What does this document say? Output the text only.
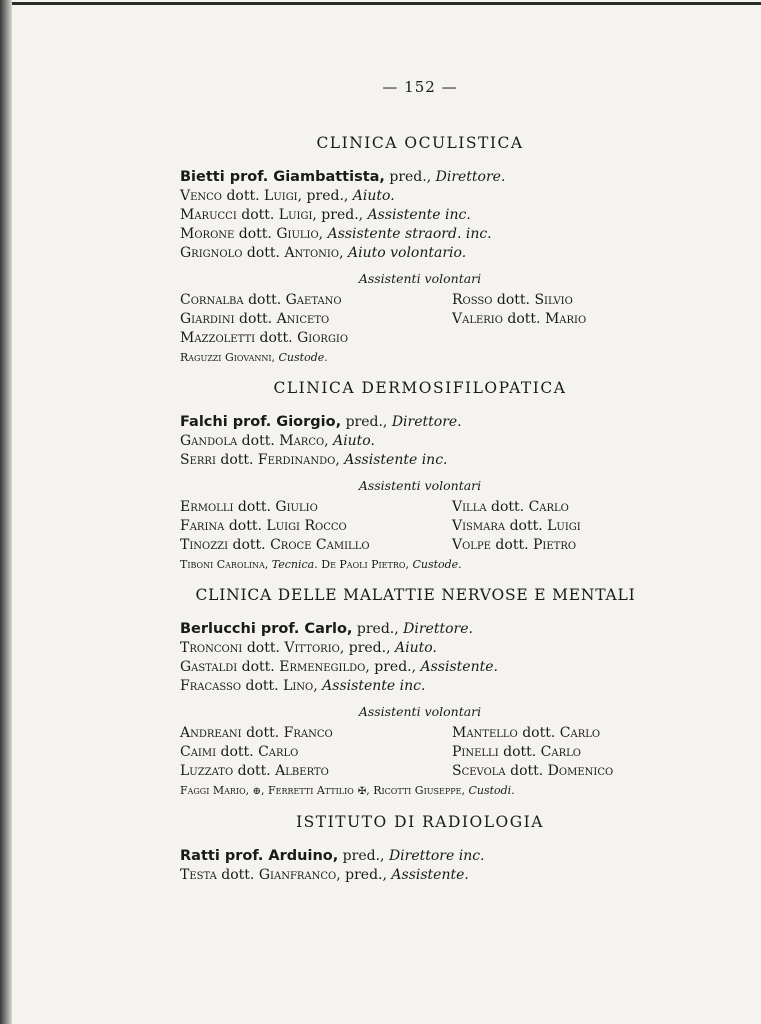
— 152 —
CLINICA OCULISTICA
Bietti prof. Giambattista, pred., Direttore.
Venco dott. Luigi, pred., Aiuto.
Marucci dott. Luigi, pred., Assistente inc.
Morone dott. Giulio, Assistente straord. inc.
Grignolo dott. Antonio, Aiuto volontario.
Assistenti volontari
Cornalba dott. Gaetano
Giardini dott. Aniceto
Mazzoletti dott. Giorgio
Rosso dott. Silvio
Valerio dott. Mario
Raguzzi Giovanni, Custode.
CLINICA DERMOSIFILOPATICA
Falchi prof. Giorgio, pred., Direttore.
Gandola dott. Marco, Aiuto.
Serri dott. Ferdinando, Assistente inc.
Assistenti volontari
Ermolli dott. Giulio
Farina dott. Luigi Rocco
Tinozzi dott. Croce Camillo
Villa dott. Carlo
Vismara dott. Luigi
Volpe dott. Pietro
Tiboni Carolina, Tecnica. De Paoli Pietro, Custode.
CLINICA DELLE MALATTIE NERVOSE E MENTALI
Berlucchi prof. Carlo, pred., Direttore.
Tronconi dott. Vittorio, pred., Aiuto.
Gastaldi dott. Ermenegildo, pred., Assistente.
Fracasso dott. Lino, Assistente inc.
Assistenti volontari
Andreani dott. Franco
Caimi dott. Carlo
Luzzato dott. Alberto
Mantello dott. Carlo
Pinelli dott. Carlo
Scevola dott. Domenico
Faggi Mario, ⊕, Ferretti Attilio ✠, Ricotti Giuseppe, Custodi.
ISTITUTO DI RADIOLOGIA
Ratti prof. Arduino, pred., Direttore inc.
Testa dott. Gianfranco, pred., Assistente.
